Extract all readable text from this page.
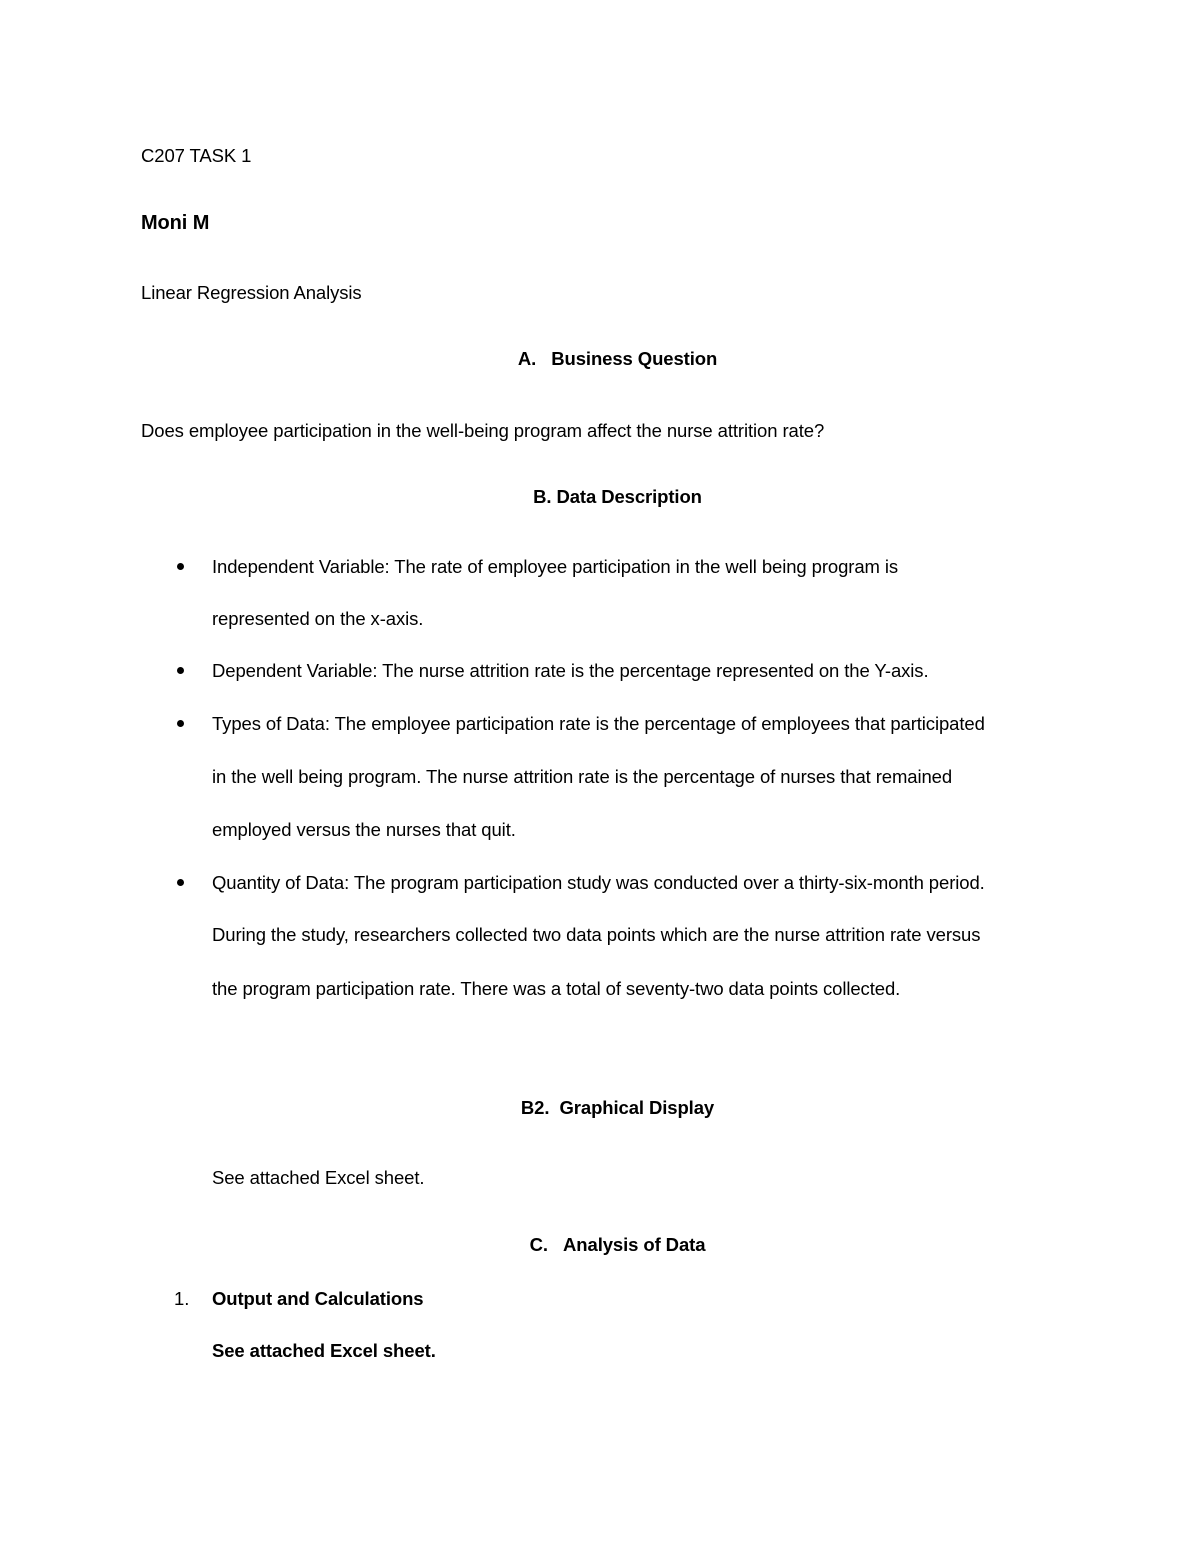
C207 TASK 1
Moni M
Linear Regression Analysis
A. Business Question
Does employee participation in the well-being program affect the nurse attrition rate?
B. Data Description
Independent Variable: The rate of employee participation in the well being program is
represented on the x-axis.
Dependent Variable: The nurse attrition rate is the percentage represented on the Y-axis.
Types of Data: The employee participation rate is the percentage of employees that participated
in the well being program. The nurse attrition rate is the percentage of nurses that remained
employed versus the nurses that quit.
Quantity of Data: The program participation study was conducted over a thirty-six-month period.
During the study, researchers collected two data points which are the nurse attrition rate versus
the program participation rate. There was a total of seventy-two data points collected.
B2. Graphical Display
See attached Excel sheet.
C. Analysis of Data
1. Output and Calculations
See attached Excel sheet.
